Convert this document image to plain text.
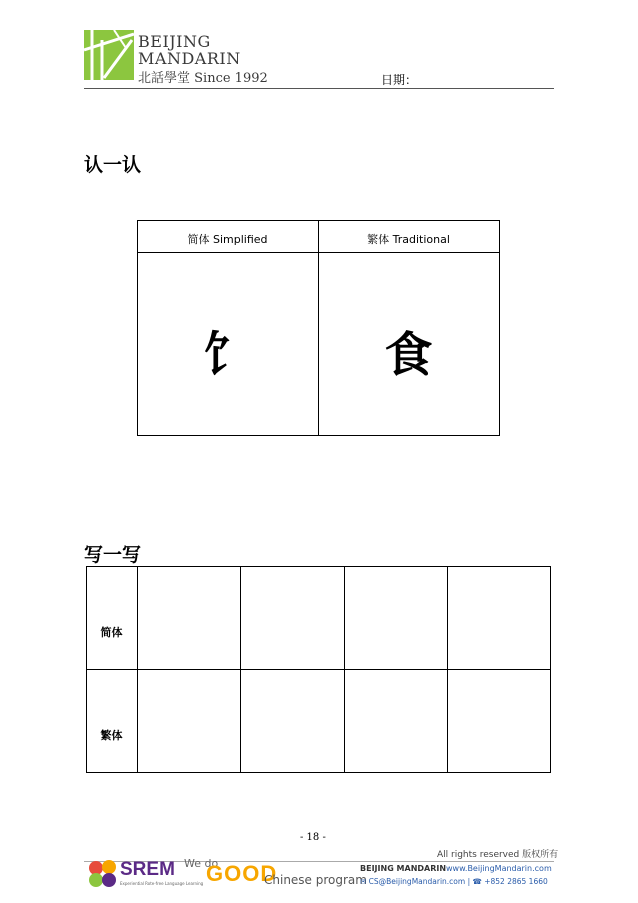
BEIJING
MANDARIN
北話學堂 Since 1992	日期：
认一认
简体 Simplified	繁体 Traditional
饣	食
写一写
简体
繁体
- 18 -
All rights reserved 版权所有
SREM
Experiential Rote-free Language Learning
We do
GOOD
Chinese program
BEIJING MANDARIN www.BeijingMandarin.com
✉ CS@BeijingMandarin.com | ☎ +852 2865 1660
